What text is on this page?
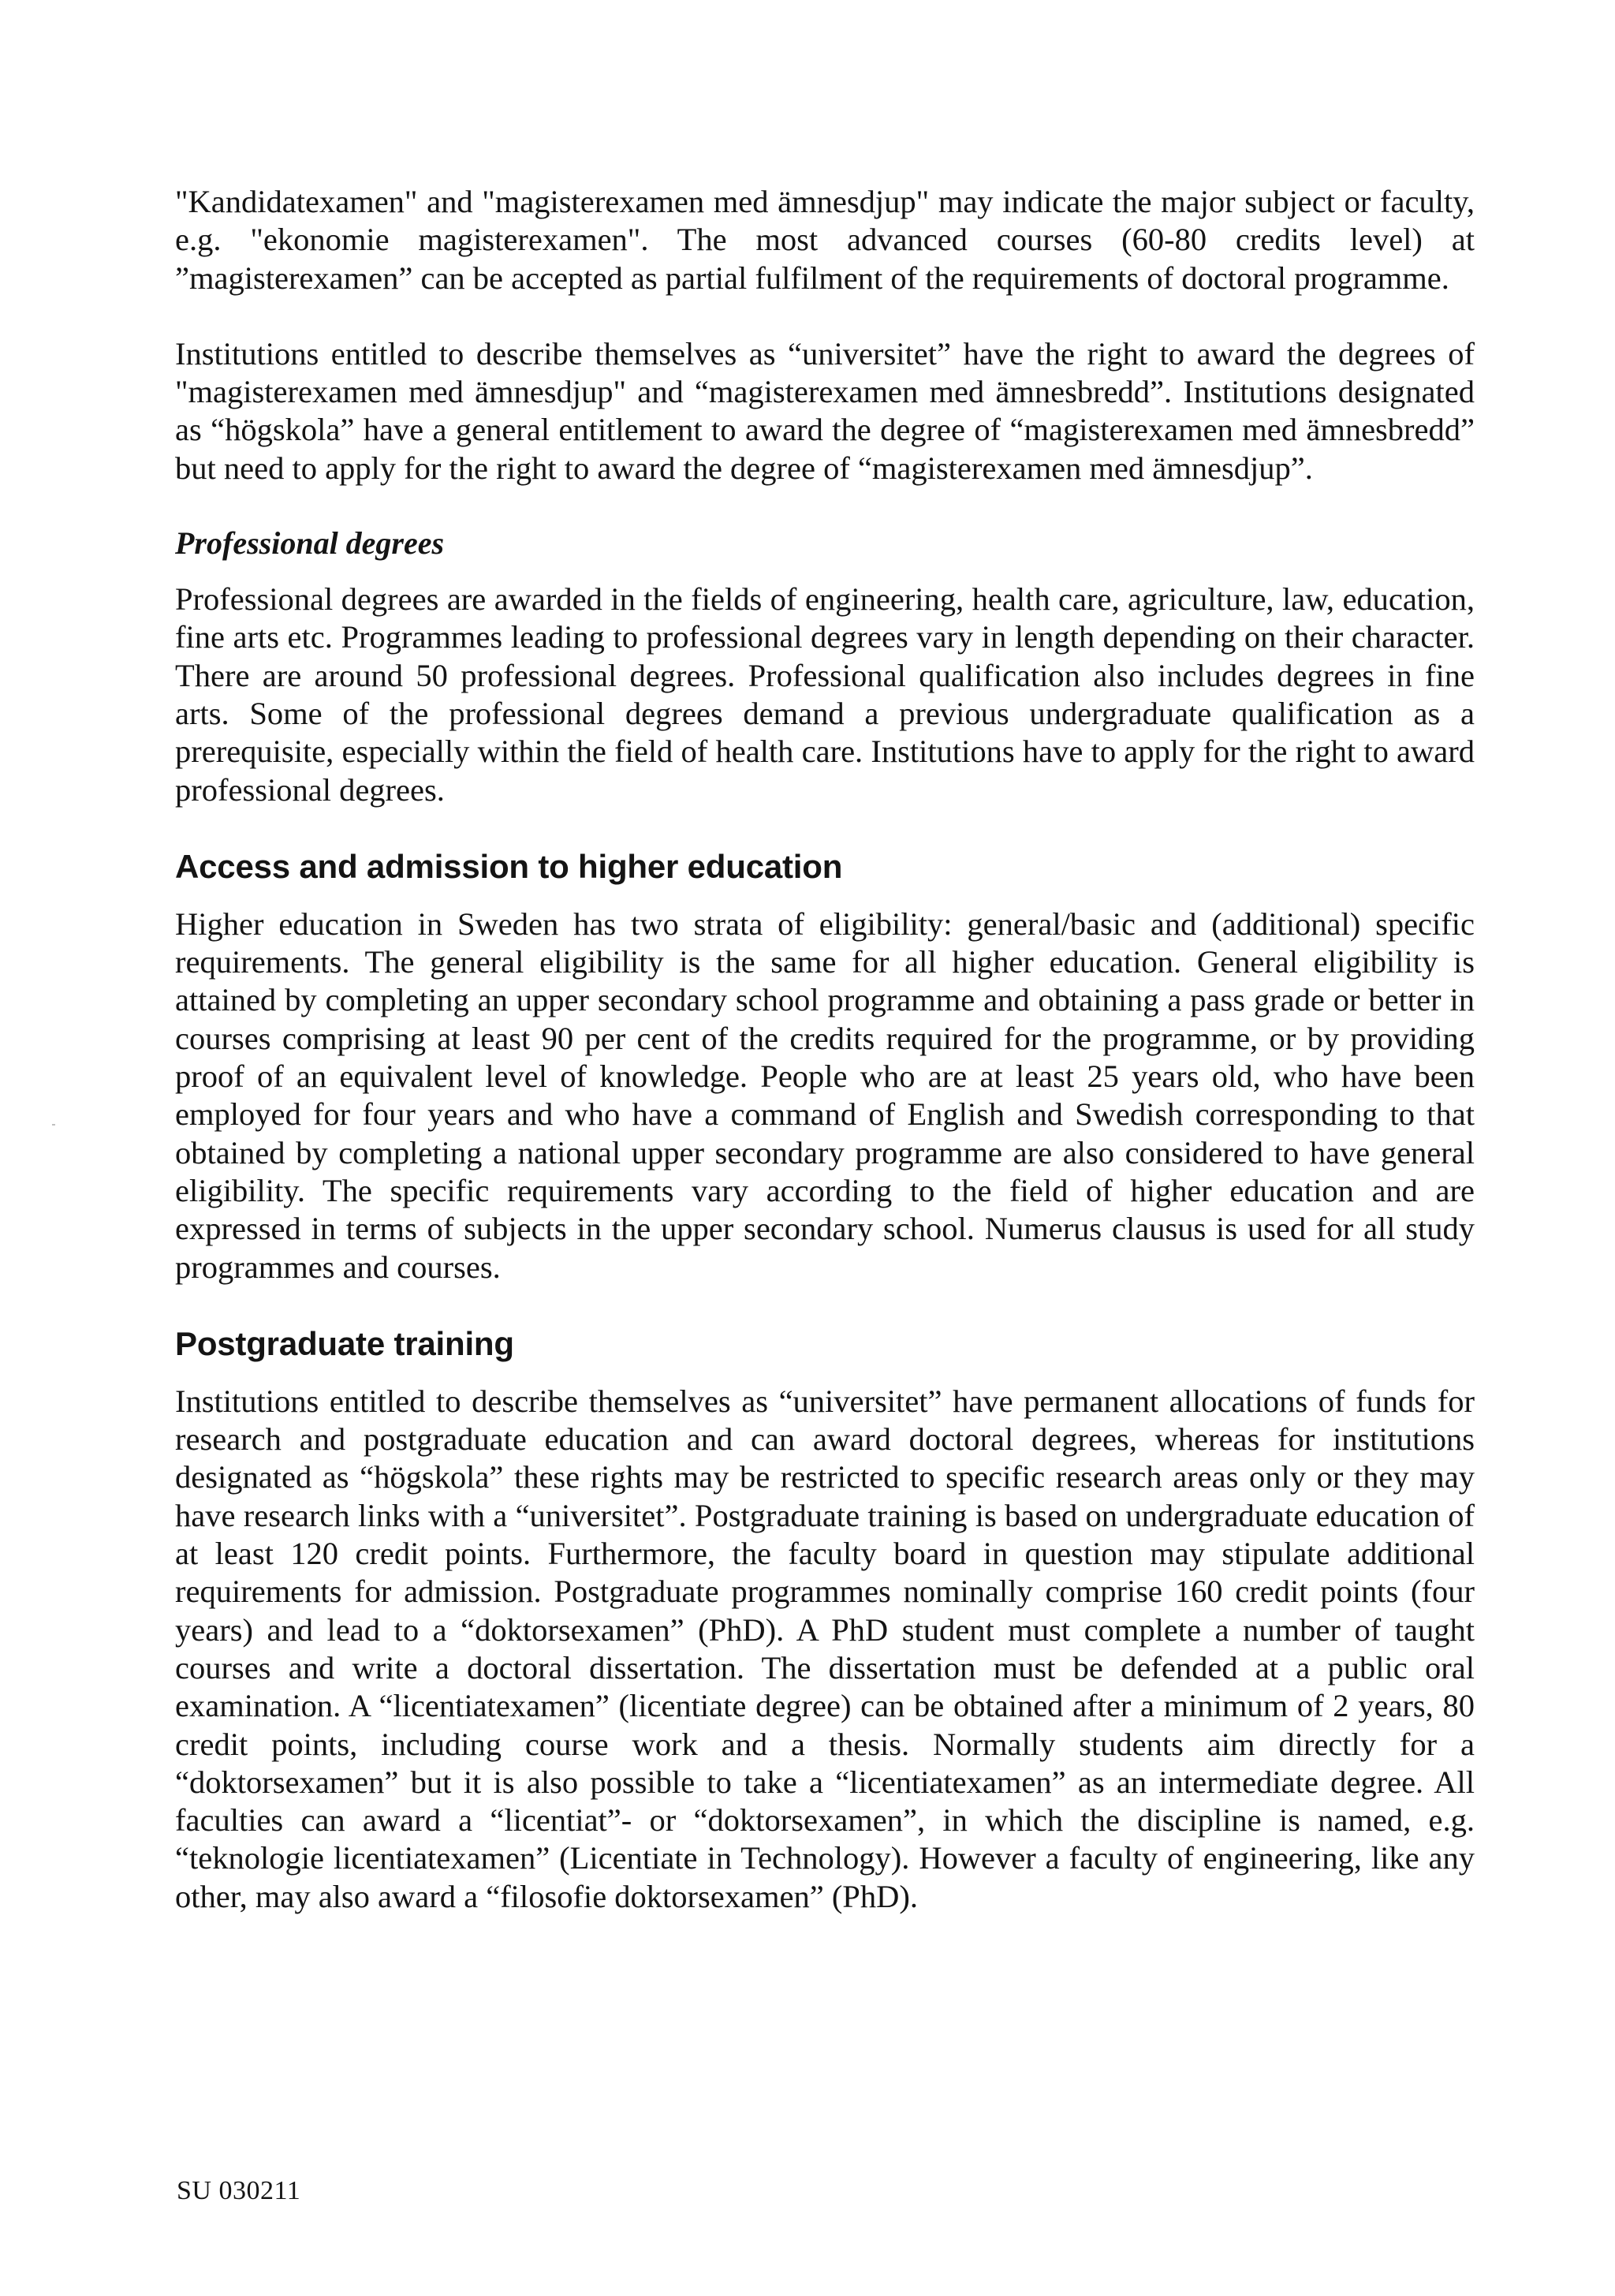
"Kandidatexamen" and "magisterexamen med ämnesdjup" may indicate the major subject or faculty, e.g. "ekonomie magisterexamen". The most advanced courses (60-80 credits level) at ”magisterexamen” can be accepted as partial fulfilment of the requirements of doctoral programme.

Institutions entitled to describe themselves as “universitet” have the right to award the degrees of "magisterexamen med ämnesdjup" and “magisterexamen med ämnesbredd”. Institutions designated as “högskola” have a general entitlement to award the degree of “magisterexamen med ämnesbredd” but need to apply for the right to award the degree of “magisterexamen med ämnesdjup”.

Professional degrees

Professional degrees are awarded in the fields of engineering, health care, agriculture, law, education, fine arts etc. Programmes leading to professional degrees vary in length depending on their character. There are around 50 professional degrees. Professional qualification also includes degrees in fine arts. Some of the professional degrees demand a previous undergraduate qualification as a prerequisite, especially within the field of health care. Institutions have to apply for the right to award professional degrees.

Access and admission to higher education

Higher education in Sweden has two strata of eligibility: general/basic and (additional) specific requirements. The general eligibility is the same for all higher education. General eligibility is attained by completing an upper secondary school programme and obtaining a pass grade or better in courses comprising at least 90 per cent of the credits required for the programme, or by providing proof of an equivalent level of knowledge. People who are at least 25 years old, who have been employed for four years and who have a command of English and Swedish corresponding to that obtained by completing a national upper secondary programme are also considered to have general eligibility. The specific requirements vary according to the field of higher education and are expressed in terms of subjects in the upper secondary school. Numerus clausus is used for all study programmes and courses.

Postgraduate training

Institutions entitled to describe themselves as “universitet” have permanent allocations of funds for research and postgraduate education and can award doctoral degrees, whereas for institutions designated as “högskola” these rights may be restricted to specific research areas only or they may have research links with a “universitet”. Postgraduate training is based on undergraduate education of at least 120 credit points. Furthermore, the faculty board in question may stipulate additional requirements for admission. Postgraduate programmes nominally comprise 160 credit points (four years) and lead to a “doktorsexamen” (PhD). A PhD student must complete a number of taught courses and write a doctoral dissertation. The dissertation must be defended at a public oral examination. A “licentiatexamen” (licentiate degree) can be obtained after a minimum of 2 years, 80 credit points, including course work and a thesis. Normally students aim directly for a “doktorsexamen” but it is also possible to take a “licentiatexamen” as an intermediate degree. All faculties can award a “licentiat”- or “doktorsexamen”, in which the discipline is named, e.g. “teknologie licentiatexamen” (Licentiate in Technology). However a faculty of engineering, like any other, may also award a “filosofie doktorsexamen” (PhD).

SU 030211
